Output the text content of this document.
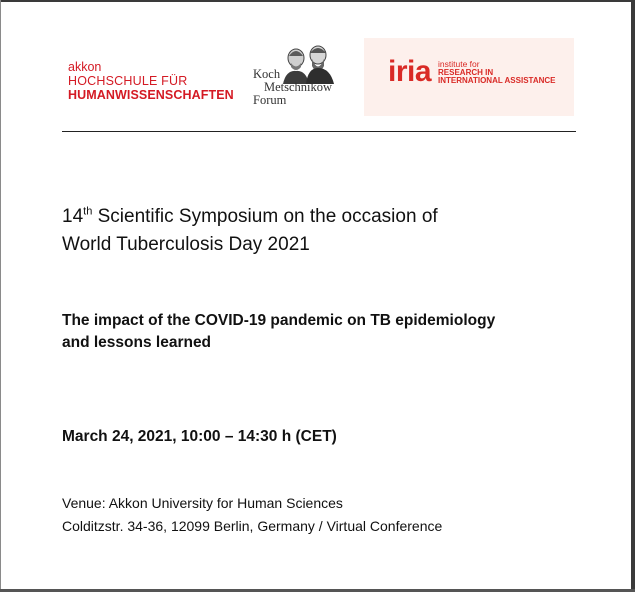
akkon
HOCHSCHULE FÜR
HUMANWISSENSCHAFTEN
Koch
Metschnikow
Forum
iria institute for
RESEARCH IN
INTERNATIONAL ASSISTANCE
14th Scientific Symposium on the occasion of
World Tuberculosis Day 2021
The impact of the COVID-19 pandemic on TB epidemiology
and lessons learned
March 24, 2021, 10:00 – 14:30 h (CET)
Venue: Akkon University for Human Sciences
Colditzstr. 34-36, 12099 Berlin, Germany / Virtual Conference
